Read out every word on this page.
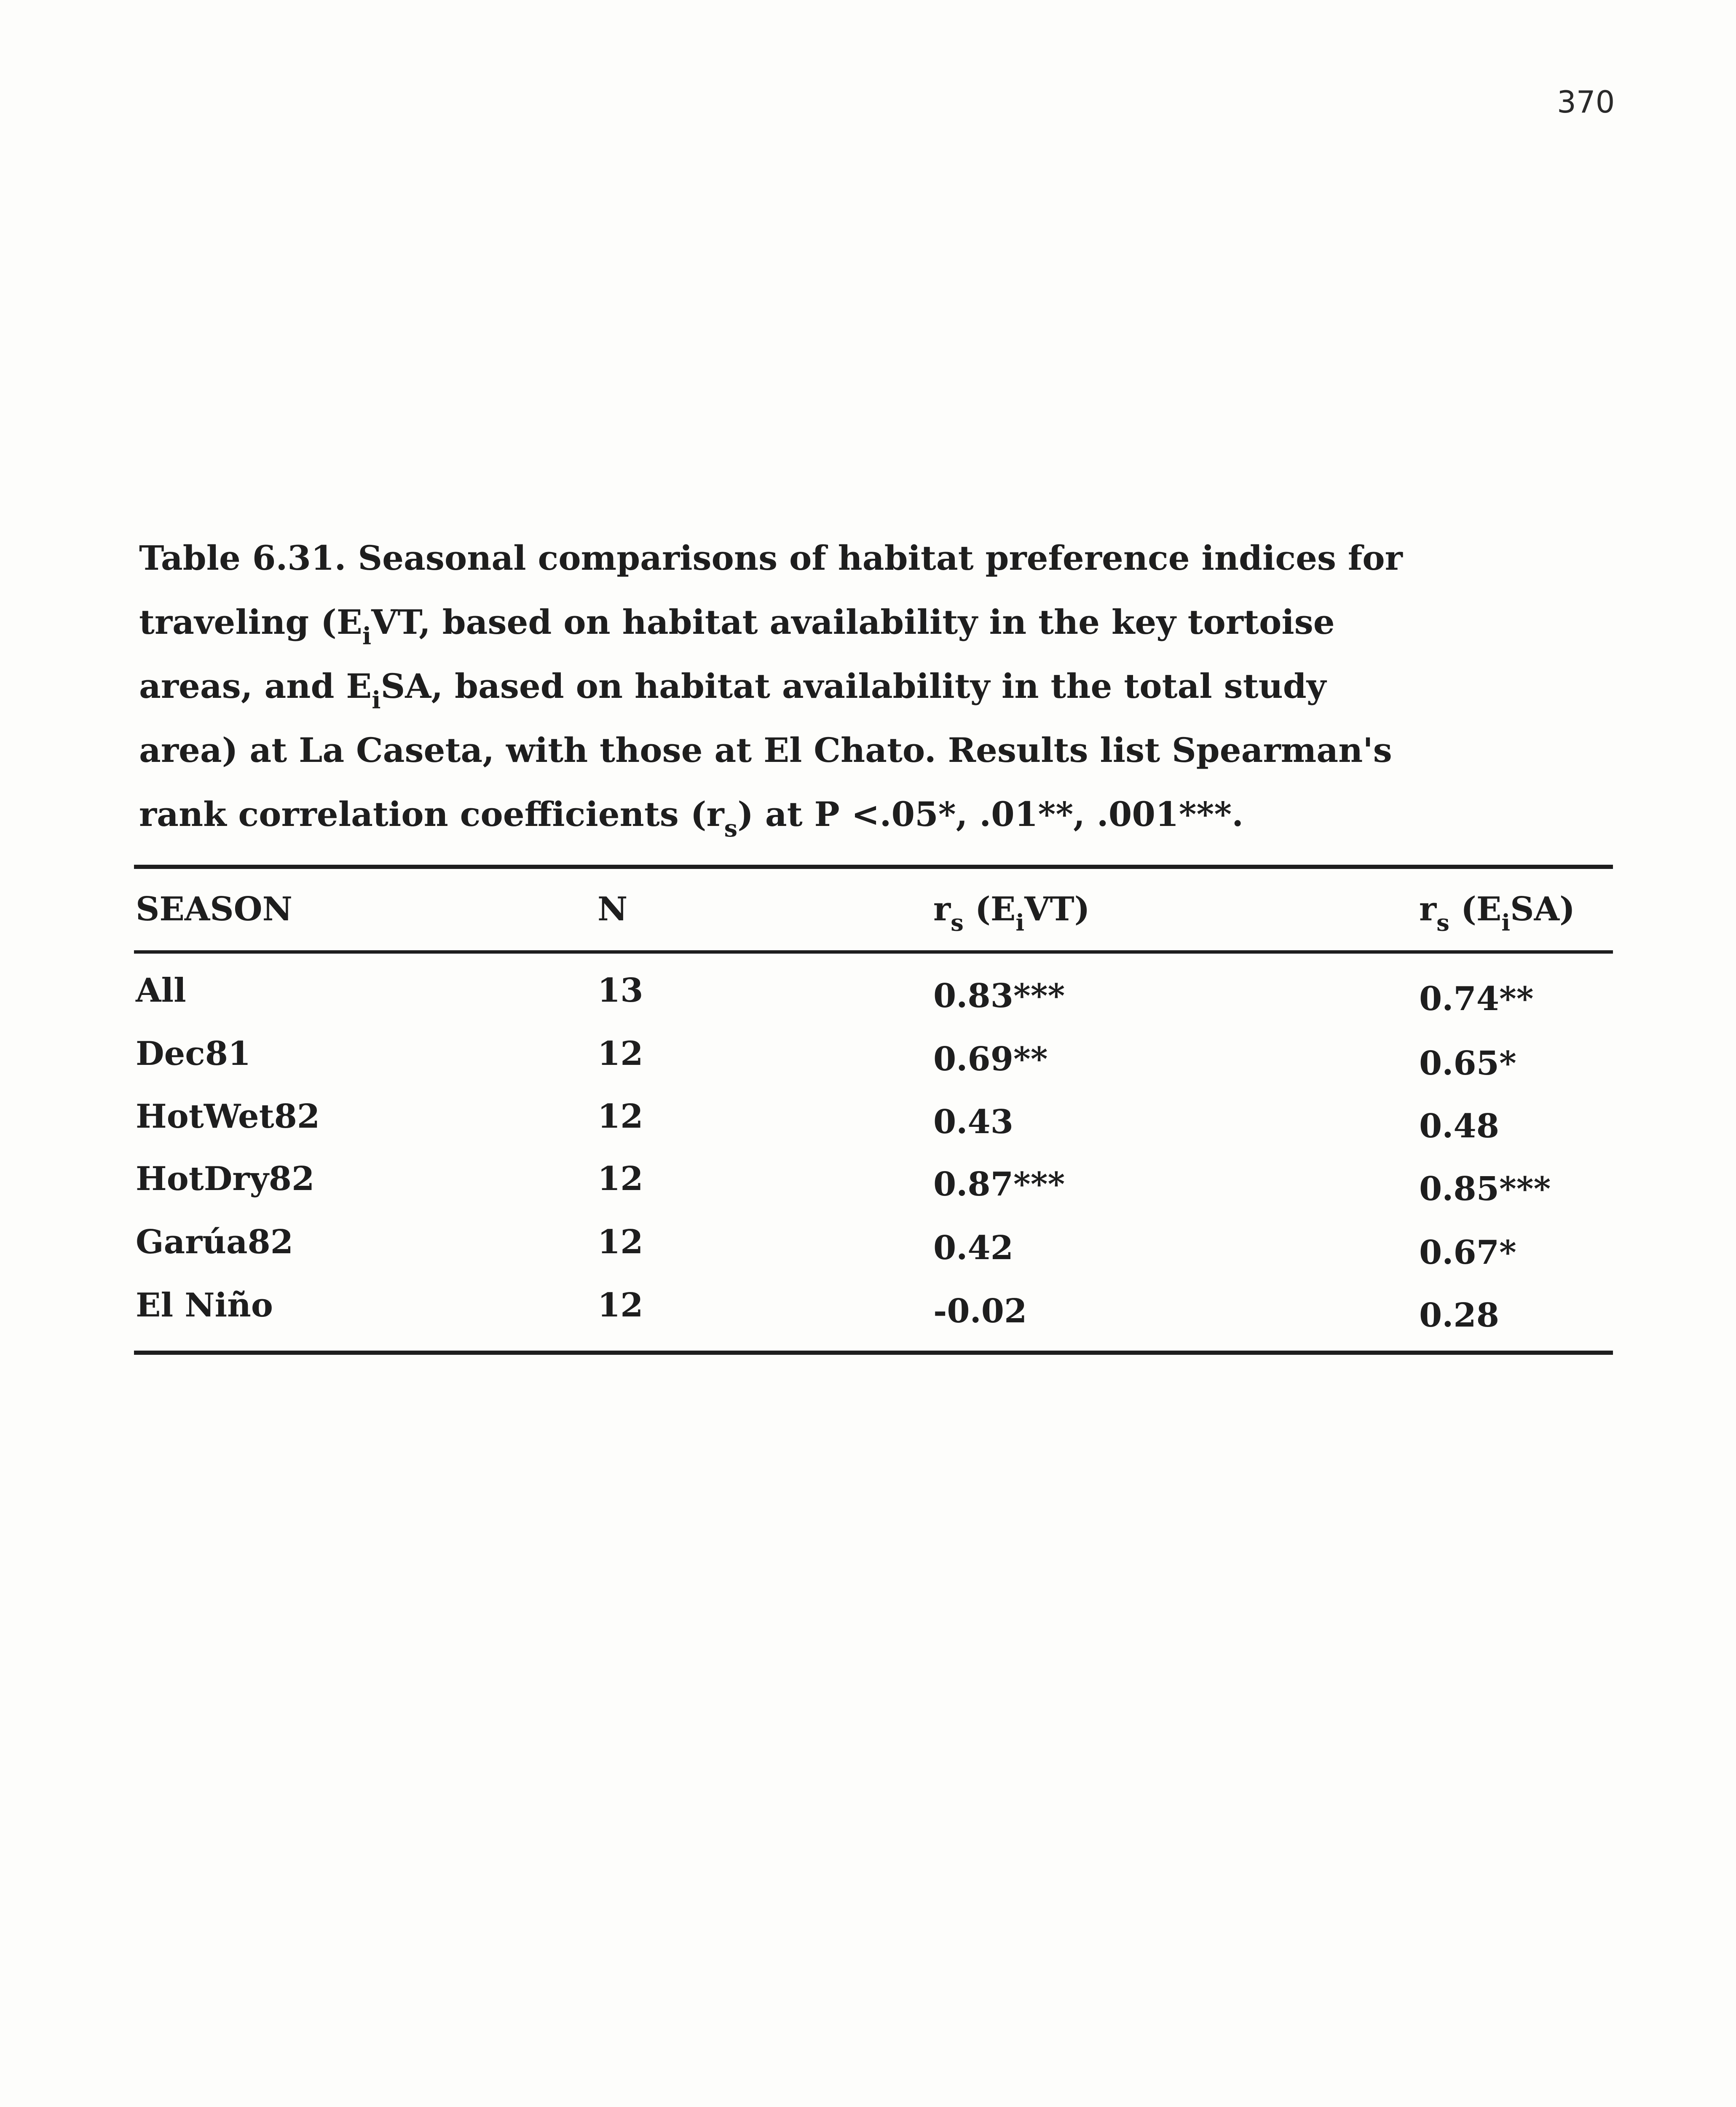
370

Table 6.31. Seasonal comparisons of habitat preference indices for
traveling ($E_iVT$, based on habitat availability in the key tortoise
areas, and $E_iSA$, based on habitat availability in the total study
area) at La Caseta, with those at El Chato. Results list Spearman's
rank correlation coefficients $(r_s)$ at P <.05*, .01**, .001***.

SEASON	N	$r_s$ $(E_iVT)$	$r_s$ $(E_iSA)$
All	13	0.83***	0.74**
Dec81	12	0.69**	0.65*
HotWet82	12	0.43	0.48
HotDry82	12	0.87***	0.85***
Garúa82	12	0.42	0.67*
El Niño	12	-0.02	0.28
